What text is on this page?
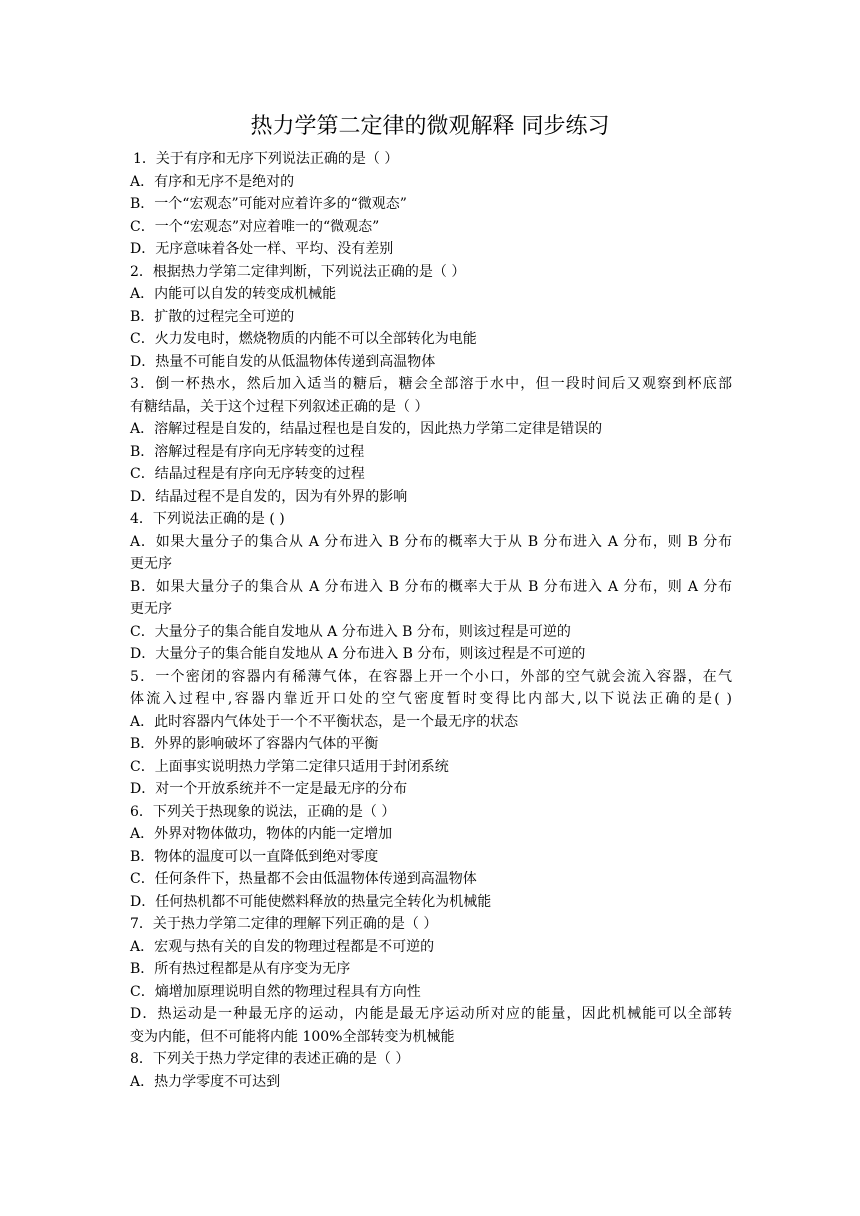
热力学第二定律的微观解释 同步练习
1．关于有序和无序下列说法正确的是（ ）
A．有序和无序不是绝对的
B．一个“宏观态”可能对应着许多的“微观态”
C．一个“宏观态”对应着唯一的“微观态”
D．无序意味着各处一样、平均、没有差别
2．根据热力学第二定律判断，下列说法正确的是（ ）
A．内能可以自发的转变成机械能
B．扩散的过程完全可逆的
C．火力发电时，燃烧物质的内能不可以全部转化为电能
D．热量不可能自发的从低温物体传递到高温物体
3．倒一杯热水，然后加入适当的糖后，糖会全部溶于水中，但一段时间后又观察到杯底部
有糖结晶，关于这个过程下列叙述正确的是（ ）
A．溶解过程是自发的，结晶过程也是自发的，因此热力学第二定律是错误的
B．溶解过程是有序向无序转变的过程
C．结晶过程是有序向无序转变的过程
D．结晶过程不是自发的，因为有外界的影响
4．下列说法正确的是 ( )
A．如果大量分子的集合从 A 分布进入 B 分布的概率大于从 B 分布进入 A 分布，则 B 分布
更无序
B．如果大量分子的集合从 A 分布进入 B 分布的概率大于从 B 分布进入 A 分布，则 A 分布
更无序
C．大量分子的集合能自发地从 A 分布进入 B 分布，则该过程是可逆的
D．大量分子的集合能自发地从 A 分布进入 B 分布，则该过程是不可逆的
5．一个密闭的容器内有稀薄气体，在容器上开一个小口，外部的空气就会流入容器，在气
体流入过程中,容器内靠近开口处的空气密度暂时变得比内部大,以下说法正确的是( )
A．此时容器内气体处于一个不平衡状态，是一个最无序的状态
B．外界的影响破坏了容器内气体的平衡
C．上面事实说明热力学第二定律只适用于封闭系统
D．对一个开放系统并不一定是最无序的分布
6．下列关于热现象的说法，正确的是（ ）
A．外界对物体做功，物体的内能一定增加
B．物体的温度可以一直降低到绝对零度
C．任何条件下，热量都不会由低温物体传递到高温物体
D．任何热机都不可能使燃料释放的热量完全转化为机械能
7．关于热力学第二定律的理解下列正确的是（ ）
A．宏观与热有关的自发的物理过程都是不可逆的
B．所有热过程都是从有序变为无序
C．熵增加原理说明自然的物理过程具有方向性
D．热运动是一种最无序的运动，内能是最无序运动所对应的能量，因此机械能可以全部转
变为内能，但不可能将内能 100%全部转变为机械能
8．下列关于热力学定律的表述正确的是（ ）
A．热力学零度不可达到
